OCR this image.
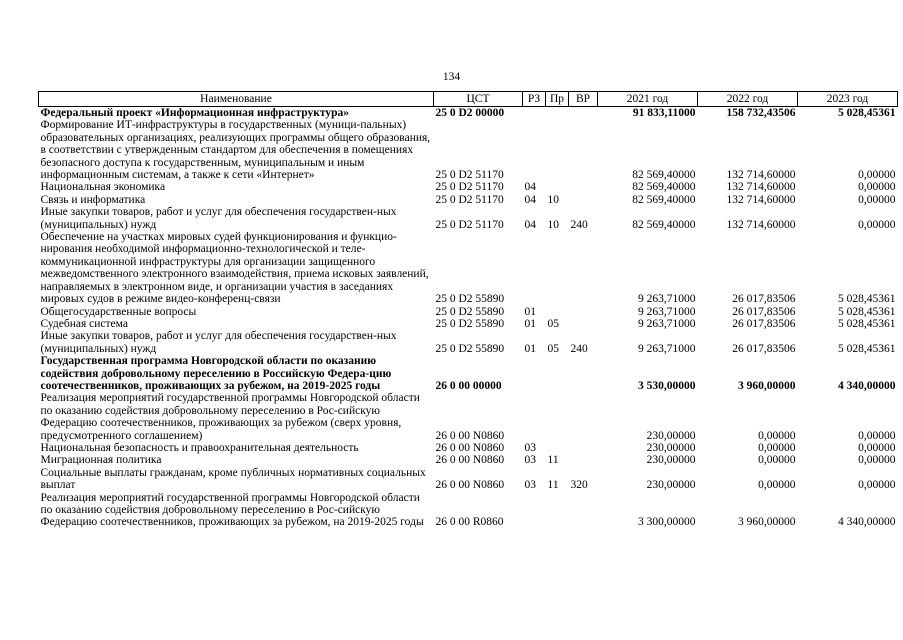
134
Наименование	ЦСТ	РЗ	Пр	ВР	2021 год	2022 год	2023 год
Федеральный проект «Информационная инфраструктура»	25 0 D2 00000				91 833,11000	158 732,43506	5 028,45361
Формирование ИТ-инфраструктуры в государственных (муници-пальных) образовательных организациях, реализующих программы общего образования, в соответствии с утвержденным стандартом для обеспечения в помещениях безопасного доступа к государственным, муниципальным и иным информационным системам, а также к сети «Интернет»	25 0 D2 51170				82 569,40000	132 714,60000	0,00000
Национальная экономика	25 0 D2 51170	04			82 569,40000	132 714,60000	0,00000
Связь и информатика	25 0 D2 51170	04	10		82 569,40000	132 714,60000	0,00000
Иные закупки товаров, работ и услуг для обеспечения государствен-ных (муниципальных) нужд	25 0 D2 51170	04	10	240	82 569,40000	132 714,60000	0,00000
Обеспечение на участках мировых судей функционирования и функцио-нирования необходимой информационно-технологической и теле-коммуникационной инфраструктуры для организации защищенного межведомственного электронного взаимодействия, приема исковых заявлений, направляемых в электронном виде, и организации участия в заседаниях мировых судов в режиме видео-конференц-связи	25 0 D2 55890				9 263,71000	26 017,83506	5 028,45361
Общегосударственные вопросы	25 0 D2 55890	01			9 263,71000	26 017,83506	5 028,45361
Судебная система	25 0 D2 55890	01	05		9 263,71000	26 017,83506	5 028,45361
Иные закупки товаров, работ и услуг для обеспечения государствен-ных (муниципальных) нужд	25 0 D2 55890	01	05	240	9 263,71000	26 017,83506	5 028,45361
Государственная программа Новгородской области по оказанию содействия добровольному переселению в Российскую Федера-цию соотечественников, проживающих за рубежом, на 2019-2025 годы	26 0 00 00000				3 530,00000	3 960,00000	4 340,00000
Реализация мероприятий государственной программы Новгородской области по оказанию содействия добровольному переселению в Рос-сийскую Федерацию соотечественников, проживающих за рубежом (сверх уровня, предусмотренного соглашением)	26 0 00 N0860				230,00000	0,00000	0,00000
Национальная безопасность и правоохранительная деятельность	26 0 00 N0860	03			230,00000	0,00000	0,00000
Миграционная политика	26 0 00 N0860	03	11		230,00000	0,00000	0,00000
Социальные выплаты гражданам, кроме публичных нормативных социальных выплат	26 0 00 N0860	03	11	320	230,00000	0,00000	0,00000
Реализация мероприятий государственной программы Новгородской области по оказанию содействия добровольному переселению в Рос-сийскую Федерацию соотечественников, проживающих за рубежом, на 2019-2025 годы	26 0 00 R0860				3 300,00000	3 960,00000	4 340,00000
